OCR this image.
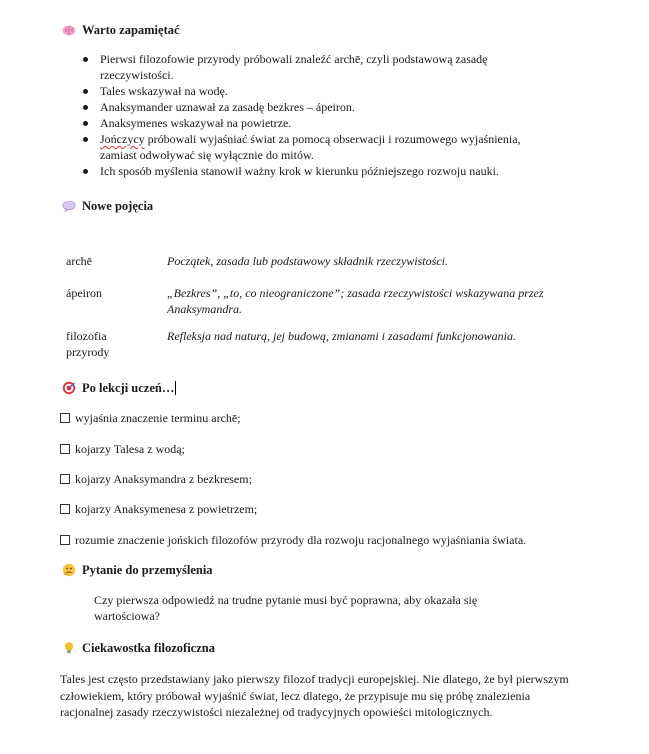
Warto zapamiętać
Pierwsi filozofowie przyrody próbowali znaleźć archē, czyli podstawową zasadę rzeczywistości.
Tales wskazywał na wodę.
Anaksymander uznawał za zasadę bezkres – ápeiron.
Anaksymenes wskazywał na powietrze.
Jończycy próbowali wyjaśniać świat za pomocą obserwacji i rozumowego wyjaśnienia, zamiast odwoływać się wyłącznie do mitów.
Ich sposób myślenia stanowił ważny krok w kierunku późniejszego rozwoju nauki.
Nowe pojęcia
archē	Początek, zasada lub podstawowy składnik rzeczywistości.
ápeiron	„Bezkres”, „to, co nieograniczone”; zasada rzeczywistości wskazywana przez Anaksymandra.
filozofia przyrody
Refleksja nad naturą, jej budową, zmianami i zasadami funkcjonowania.
Po lekcji uczeń…
wyjaśnia znaczenie terminu archē;
kojarzy Talesa z wodą;
kojarzy Anaksymandra z bezkresem;
kojarzy Anaksymenesa z powietrzem;
rozumie znaczenie jońskich filozofów przyrody dla rozwoju racjonalnego wyjaśniania świata.
Pytanie do przemyślenia
Czy pierwsza odpowiedź na trudne pytanie musi być poprawna, aby okazała się wartościowa?
Ciekawostka filozoficzna
Tales jest często przedstawiany jako pierwszy filozof tradycji europejskiej. Nie dlatego, że był pierwszym człowiekiem, który próbował wyjaśnić świat, lecz dlatego, że przypisuje mu się próbę znalezienia racjonalnej zasady rzeczywistości niezależnej od tradycyjnych opowieści mitologicznych.
